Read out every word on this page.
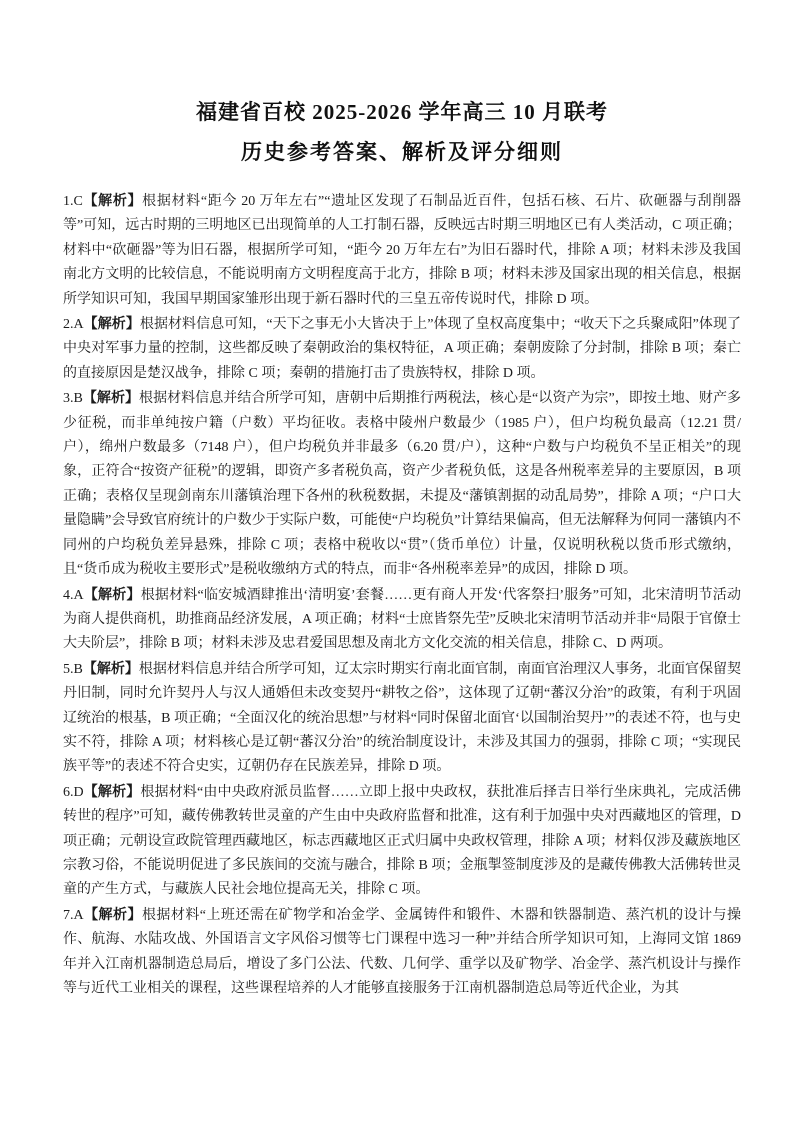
福建省百校 2025-2026 学年高三 10 月联考
历史参考答案、解析及评分细则

1.C【解析】根据材料“距今 20 万年左右”“遗址区发现了石制品近百件，包括石核、石片、砍砸器与刮削器等”可知，远古时期的三明地区已出现简单的人工打制石器，反映远古时期三明地区已有人类活动，C 项正确；材料中“砍砸器”等为旧石器，根据所学可知，“距今 20 万年左右”为旧石器时代，排除 A 项；材料未涉及我国南北方文明的比较信息，不能说明南方文明程度高于北方，排除 B 项；材料未涉及国家出现的相关信息，根据所学知识可知，我国早期国家雏形出现于新石器时代的三皇五帝传说时代，排除 D 项。

2.A【解析】根据材料信息可知，“天下之事无小大皆决于上”体现了皇权高度集中；“收天下之兵聚咸阳”体现了中央对军事力量的控制，这些都反映了秦朝政治的集权特征，A 项正确；秦朝废除了分封制，排除 B 项；秦亡的直接原因是楚汉战争，排除 C 项；秦朝的措施打击了贵族特权，排除 D 项。

3.B【解析】根据材料信息并结合所学可知，唐朝中后期推行两税法，核心是“以资产为宗”，即按土地、财产多少征税，而非单纯按户籍（户数）平均征收。表格中陵州户数最少（1985 户），但户均税负最高（12.21 贯/户），绵州户数最多（7148 户），但户均税负并非最多（6.20 贯/户），这种“户数与户均税负不呈正相关”的现象，正符合“按资产征税”的逻辑，即资产多者税负高，资产少者税负低，这是各州税率差异的主要原因，B 项正确；表格仅呈现剑南东川藩镇治理下各州的秋税数据，未提及“藩镇割据的动乱局势”，排除 A 项；“户口大量隐瞒”会导致官府统计的户数少于实际户数，可能使“户均税负”计算结果偏高，但无法解释为何同一藩镇内不同州的户均税负差异悬殊，排除 C 项；表格中税收以“贯”（货币单位）计量，仅说明秋税以货币形式缴纳，且“货币成为税收主要形式”是税收缴纳方式的特点，而非“各州税率差异”的成因，排除 D 项。

4.A【解析】根据材料“临安城酒肆推出‘清明宴’套餐……更有商人开发‘代客祭扫’服务”可知，北宋清明节活动为商人提供商机，助推商品经济发展，A 项正确；材料“士庶皆祭先茔”反映北宋清明节活动并非“局限于官僚士大夫阶层”，排除 B 项；材料未涉及忠君爱国思想及南北方文化交流的相关信息，排除 C、D 两项。

5.B【解析】根据材料信息并结合所学可知，辽太宗时期实行南北面官制，南面官治理汉人事务，北面官保留契丹旧制，同时允许契丹人与汉人通婚但未改变契丹“耕牧之俗”，这体现了辽朝“蕃汉分治”的政策，有利于巩固辽统治的根基，B 项正确；“全面汉化的统治思想”与材料“同时保留北面官‘以国制治契丹’”的表述不符，也与史实不符，排除 A 项；材料核心是辽朝“蕃汉分治”的统治制度设计，未涉及其国力的强弱，排除 C 项；“实现民族平等”的表述不符合史实，辽朝仍存在民族差异，排除 D 项。

6.D【解析】根据材料“由中央政府派员监督……立即上报中央政权，获批准后择吉日举行坐床典礼，完成活佛转世的程序”可知，藏传佛教转世灵童的产生由中央政府监督和批准，这有利于加强中央对西藏地区的管理，D 项正确；元朝设宣政院管理西藏地区，标志西藏地区正式归属中央政权管理，排除 A 项；材料仅涉及藏族地区宗教习俗，不能说明促进了多民族间的交流与融合，排除 B 项；金瓶掣签制度涉及的是藏传佛教大活佛转世灵童的产生方式，与藏族人民社会地位提高无关，排除 C 项。

7.A【解析】根据材料“上班还需在矿物学和冶金学、金属铸件和锻件、木器和铁器制造、蒸汽机的设计与操作、航海、水陆攻战、外国语言文字风俗习惯等七门课程中选习一种”并结合所学知识可知，上海同文馆 1869 年并入江南机器制造总局后，增设了多门公法、代数、几何学、重学以及矿物学、冶金学、蒸汽机设计与操作等与近代工业相关的课程，这些课程培养的人才能够直接服务于江南机器制造总局等近代企业，为其
